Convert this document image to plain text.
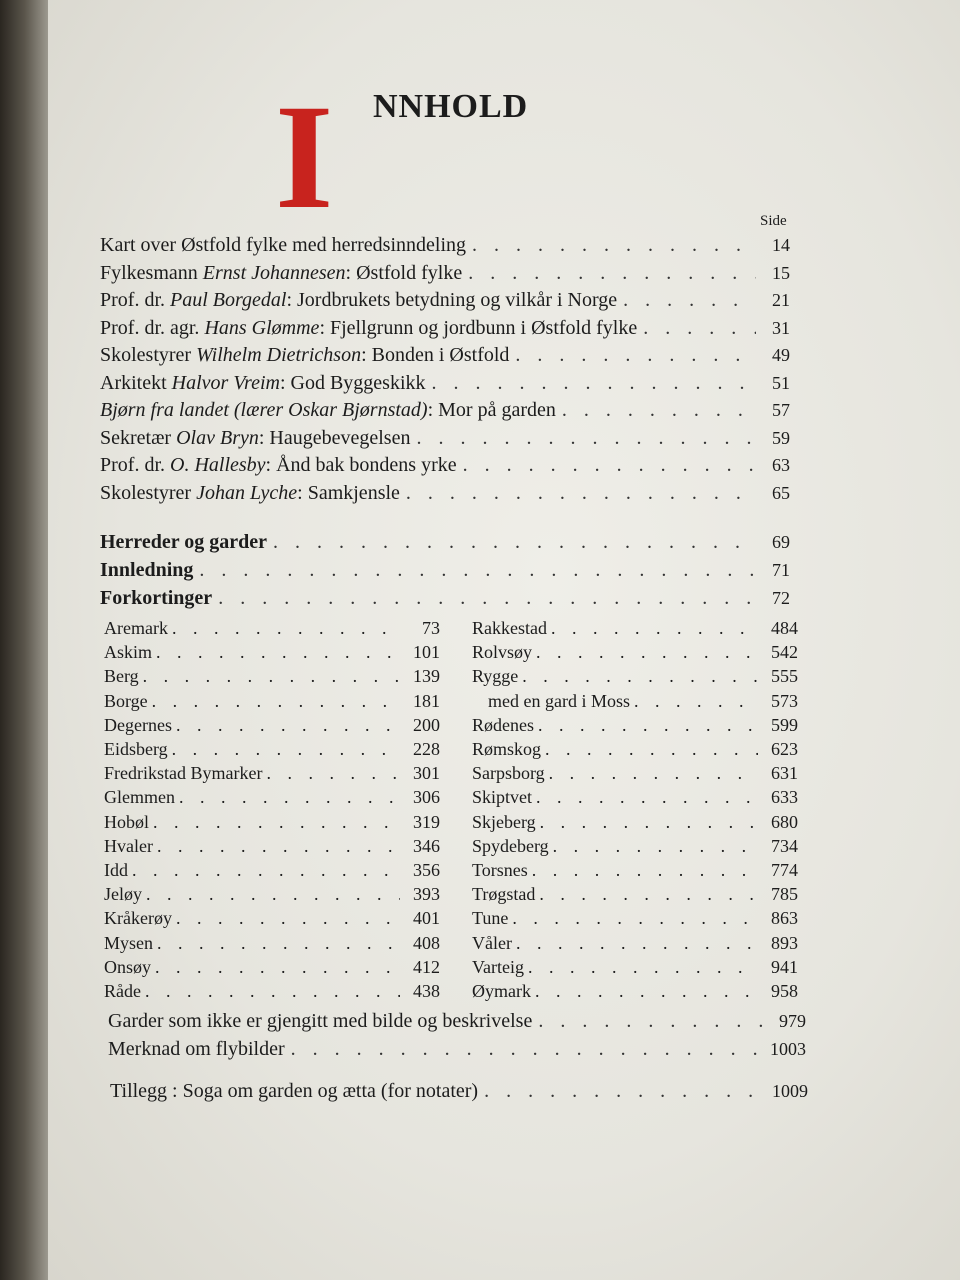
I NNHOLD
Side
Kart over Østfold fylke med herredsinndeling . . .	14
Fylkesmann Ernst Johannesen: Østfold fylke . . .	15
Prof. dr. Paul Borgedal: Jordbrukets betydning og vilkår i Norge . . .	21
Prof. dr. agr. Hans Glømme: Fjellgrunn og jordbunn i Østfold fylke . . .	31
Skolestyrer Wilhelm Dietrichson: Bonden i Østfold . . .	49
Arkitekt Halvor Vreim: God Byggeskikk . . .	51
Bjørn fra landet (lærer Oskar Bjørnstad): Mor på garden . . .	57
Sekretær Olav Bryn: Haugebevegelsen . . .	59
Prof. dr. O. Hallesby: Ånd bak bondens yrke . . .	63
Skolestyrer Johan Lyche: Samkjensle . . .	65
Herreder og garder . . .	69
Innledning . . .	71
Forkortinger . . .	72
Aremark . . .	73
Askim . . .	101
Berg . . .	139
Borge . . .	181
Degernes . . .	200
Eidsberg . . .	228
Fredrikstad Bymarker . . .	301
Glemmen . . .	306
Hobøl . . .	319
Hvaler . . .	346
Idd . . .	356
Jeløy . . .	393
Kråkerøy . . .	401
Mysen . . .	408
Onsøy . . .	412
Råde . . .	438
Rakkestad . . .	484
Rolvsøy . . .	542
Rygge . . .	555
med en gard i Moss . . .	573
Rødenes . . .	599
Rømskog . . .	623
Sarpsborg . . .	631
Skiptvet . . .	633
Skjeberg . . .	680
Spydeberg . . .	734
Torsnes . . .	774
Trøgstad . . .	785
Tune . . .	863
Våler . . .	893
Varteig . . .	941
Øymark . . .	958
Garder som ikke er gjengitt med bilde og beskrivelse . . .	979
Merknad om flybilder . . .	1003
Tillegg : Soga om garden og ætta (for notater) . . .	1009
